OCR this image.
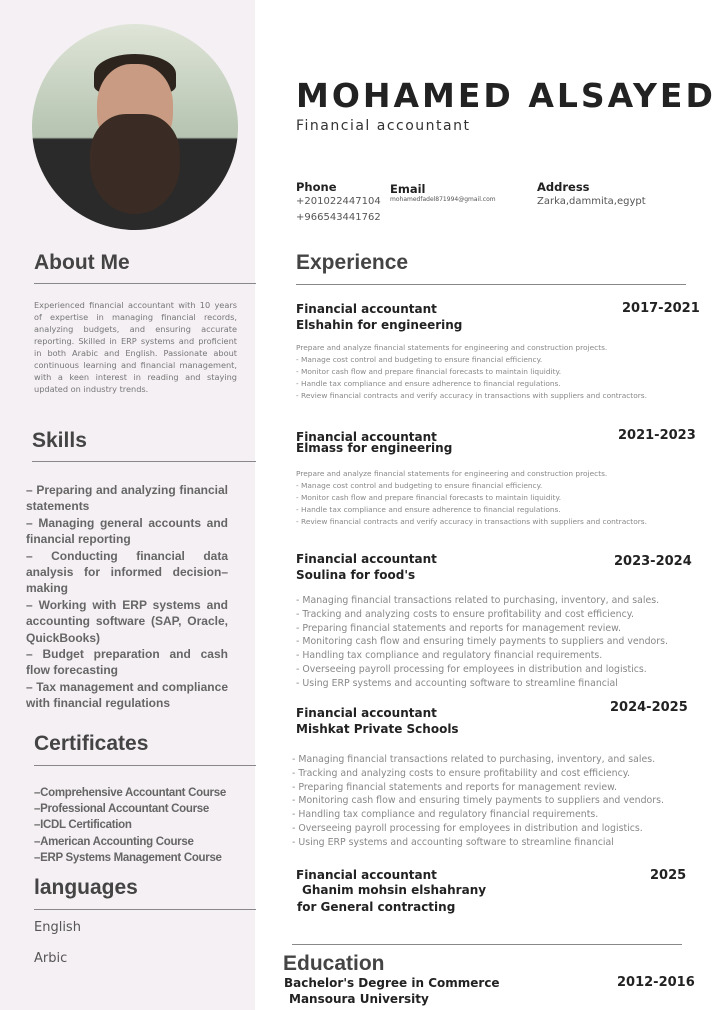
About Me

Experienced financial accountant with 10 years of expertise in managing financial records, analyzing budgets, and ensuring accurate reporting. Skilled in ERP systems and proficient in both Arabic and English. Passionate about continuous learning and financial management, with a keen interest in reading and staying updated on industry trends.

Skills
– Preparing and analyzing financial statements
– Managing general accounts and financial reporting
– Conducting financial data analysis for informed decision–making
– Working with ERP systems and accounting software (SAP, Oracle, QuickBooks)
– Budget preparation and cash flow forecasting
– Tax management and compliance with financial regulations
Certificates
–Comprehensive Accountant Course
–Professional Accountant Course
–ICDL Certification
–American Accounting Course
–ERP Systems Management Course
languages
English
Arbic
MOHAMED ALSAYED
Financial accountant
Phone
+201022447104
+966543441762
Email
mohamedfadel871994@gmail.com
Address
Zarka,dammita,egypt
Experience
Financial accountant
Elshahin for engineering
2017-2021
Prepare and analyze financial statements for engineering and construction projects.
- Manage cost control and budgeting to ensure financial efficiency.
- Monitor cash flow and prepare financial forecasts to maintain liquidity.
- Handle tax compliance and ensure adherence to financial regulations.
- Review financial contracts and verify accuracy in transactions with suppliers and contractors.
Financial accountant
Elmass for engineering
2021-2023
Prepare and analyze financial statements for engineering and construction projects.
- Manage cost control and budgeting to ensure financial efficiency.
- Monitor cash flow and prepare financial forecasts to maintain liquidity.
- Handle tax compliance and ensure adherence to financial regulations.
- Review financial contracts and verify accuracy in transactions with suppliers and contractors.
Financial accountant
Soulina for food's
2023-2024
- Managing financial transactions related to purchasing, inventory, and sales.
- Tracking and analyzing costs to ensure profitability and cost efficiency.
- Preparing financial statements and reports for management review.
- Monitoring cash flow and ensuring timely payments to suppliers and vendors.
- Handling tax compliance and regulatory financial requirements.
- Overseeing payroll processing for employees in distribution and logistics.
- Using ERP systems and accounting software to streamline financial
Financial accountant
Mishkat Private Schools
2024-2025
- Managing financial transactions related to purchasing, inventory, and sales.
- Tracking and analyzing costs to ensure profitability and cost efficiency.
- Preparing financial statements and reports for management review.
- Monitoring cash flow and ensuring timely payments to suppliers and vendors.
- Handling tax compliance and regulatory financial requirements.
- Overseeing payroll processing for employees in distribution and logistics.
- Using ERP systems and accounting software to streamline financial
Financial accountant
Ghanim mohsin elshahrany
for General contracting
2025
Education
Bachelor's Degree in Commerce
Mansoura University
2012-2016
